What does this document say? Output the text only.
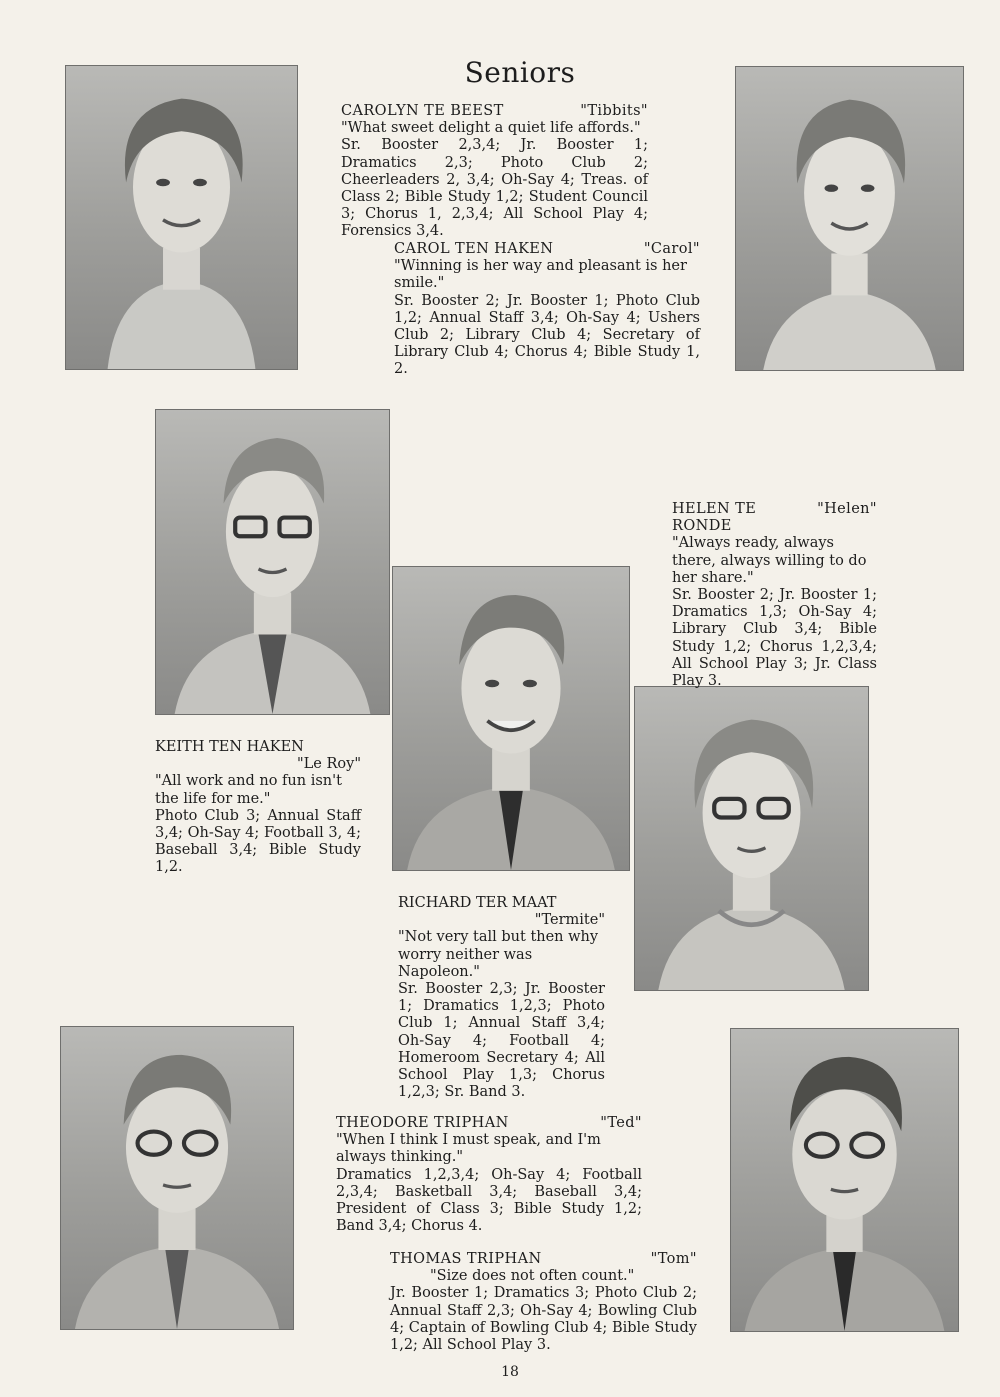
Seniors
CAROLYN TE BEEST	"Tibbits"
"What sweet delight a quiet life affords."
Sr. Booster 2,3,4; Jr. Booster 1; Dramatics 2,3; Photo Club 2; Cheerleaders 2, 3,4; Oh-Say 4; Treas. of Class 2; Bible Study 1,2; Student Council 3; Chorus 1, 2,3,4; All School Play 4; Forensics 3,4.
CAROL TEN HAKEN	"Carol"
"Winning is her way and pleasant is her smile."
Sr. Booster 2; Jr. Booster 1; Photo Club 1,2; Annual Staff 3,4; Oh-Say 4; Ushers Club 2; Library Club 4; Secretary of Library Club 4; Chorus 4; Bible Study 1, 2.
HELEN TE RONDE
"Helen"
"Always ready, always there, always willing to do her share."
Sr. Booster 2; Jr. Booster 1; Dramatics 1,3; Oh-Say 4; Library Club 3,4; Bible Study 1,2; Chorus 1,2,3,4; All School Play 3; Jr. Class Play 3.
KEITH TEN HAKEN
"Le Roy"
"All work and no fun isn't the life for me."
Photo Club 3; Annual Staff 3,4; Oh-Say 4; Football 3, 4; Baseball 3,4; Bible Study 1,2.
RICHARD TER MAAT
"Termite"
"Not very tall but then why worry neither was Napoleon."
Sr. Booster 2,3; Jr. Booster 1; Dramatics 1,2,3; Photo Club 1; Annual Staff 3,4; Oh-Say 4; Football 4; Homeroom Secretary 4; All School Play 1,3; Chorus 1,2,3; Sr. Band 3.
THEODORE TRIPHAN	"Ted"
"When I think I must speak, and I'm always thinking."
Dramatics 1,2,3,4; Oh-Say 4; Football 2,3,4; Basketball 3,4; Baseball 3,4; President of Class 3; Bible Study 1,2; Band 3,4; Chorus 4.
THOMAS TRIPHAN	"Tom"
"Size does not often count."
Jr. Booster 1; Dramatics 3; Photo Club 2; Annual Staff 2,3; Oh-Say 4; Bowling Club 4; Captain of Bowling Club 4; Bible Study 1,2; All School Play 3.
18
